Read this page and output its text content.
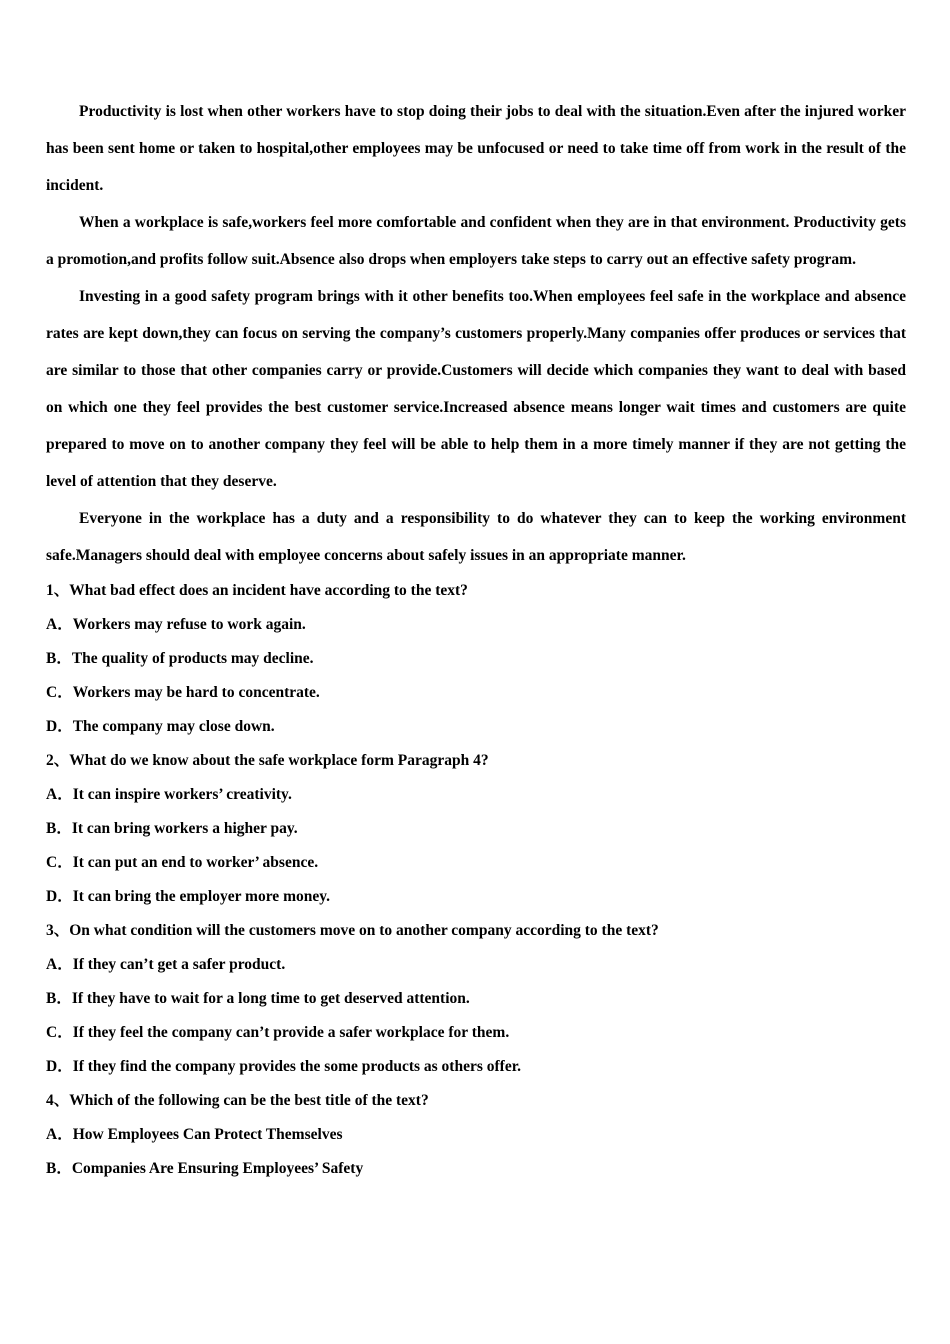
Productivity is lost when other workers have to stop doing their jobs to deal with the situation.Even after the injured worker has been sent home or taken to hospital,other employees may be unfocused or need to take time off from work in the result of the incident.

When a workplace is safe,workers feel more comfortable and confident when they are in that environment. Productivity gets a promotion,and profits follow suit.Absence also drops when employers take steps to carry out an effective safety program.

Investing in a good safety program brings with it other benefits too.When employees feel safe in the workplace and absence rates are kept down,they can focus on serving the company’s customers properly.Many companies offer produces or services that are similar to those that other companies carry or provide.Customers will decide which companies they want to deal with based on which one they feel provides the best customer service.Increased absence means longer wait times and customers are quite prepared to move on to another company they feel will be able to help them in a more timely manner if they are not getting the level of attention that they deserve.

Everyone in the workplace has a duty and a responsibility to do whatever they can to keep the working environment safe.Managers should deal with employee concerns about safely issues in an appropriate manner.

1、What bad effect does an incident have according to the text?

A．Workers may refuse to work again.

B．The quality of products may decline.

C．Workers may be hard to concentrate.

D．The company may close down.

2、What do we know about the safe workplace form Paragraph 4?

A．It can inspire workers’ creativity.

B．It can bring workers a higher pay.

C．It can put an end to worker’ absence.

D．It can bring the employer more money.

3、On what condition will the customers move on to another company according to the text?

A．If they can’t get a safer product.

B．If they have to wait for a long time to get deserved attention.

C．If they feel the company can’t provide a safer workplace for them.

D．If they find the company provides the some products as others offer.

4、Which of the following can be the best title of the text?

A．How Employees Can Protect Themselves

B．Companies Are Ensuring Employees’ Safety
